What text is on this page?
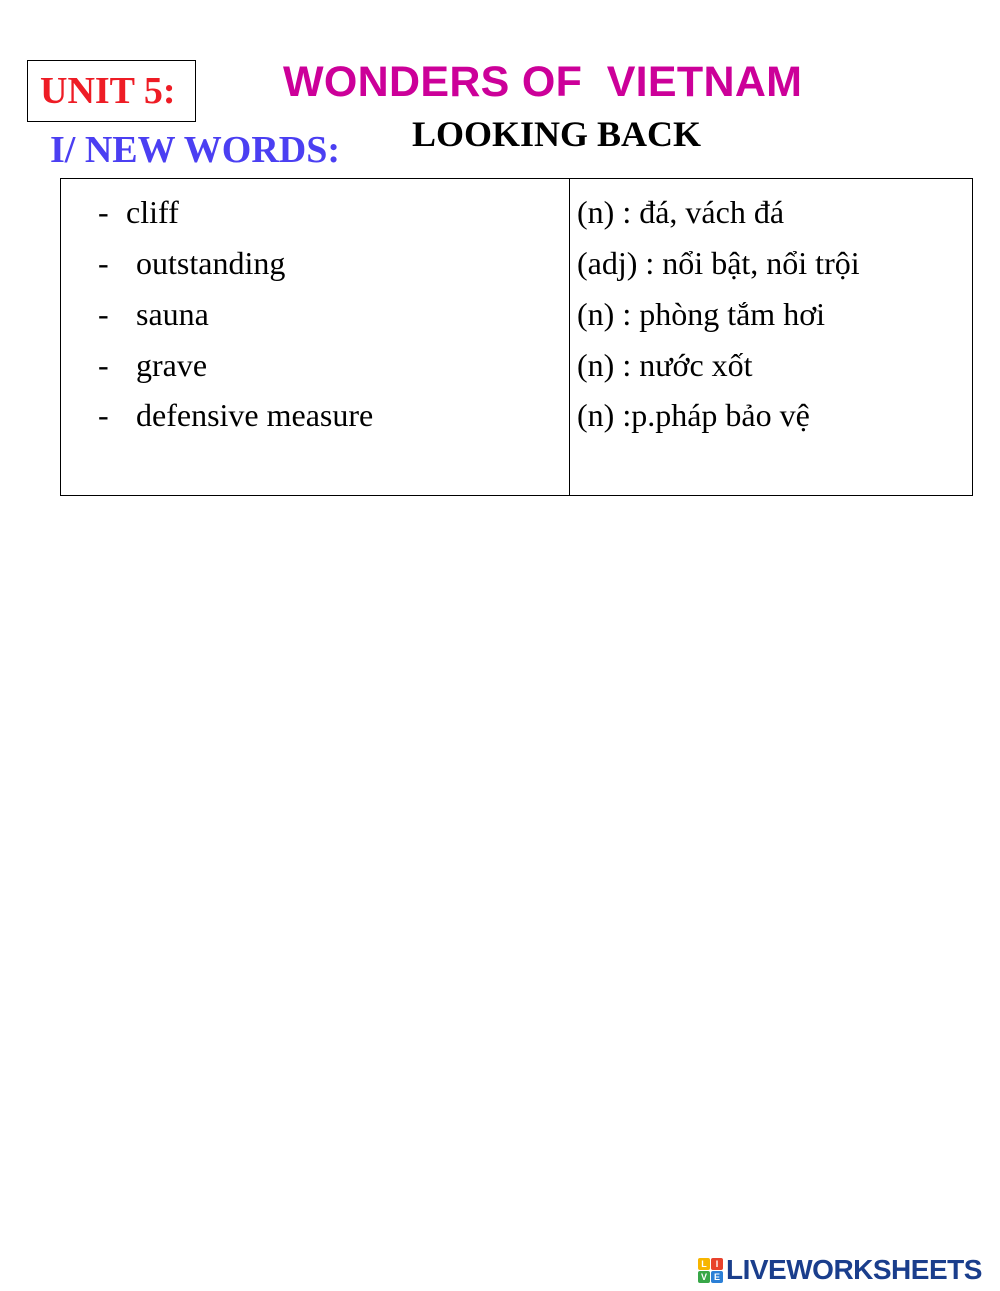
UNIT 5:	WONDERS OF  VIETNAM
LOOKING BACK
I/ NEW WORDS:
- cliff
- outstanding
- sauna
- grave
- defensive measure
(n) : đá, vách đá
(adj) : nổi bật, nổi trội
(n) : phòng tắm hơi
(n) : nước xốt
(n) :p.pháp bảo vệ
L I
V E LIVEWORKSHEETS
